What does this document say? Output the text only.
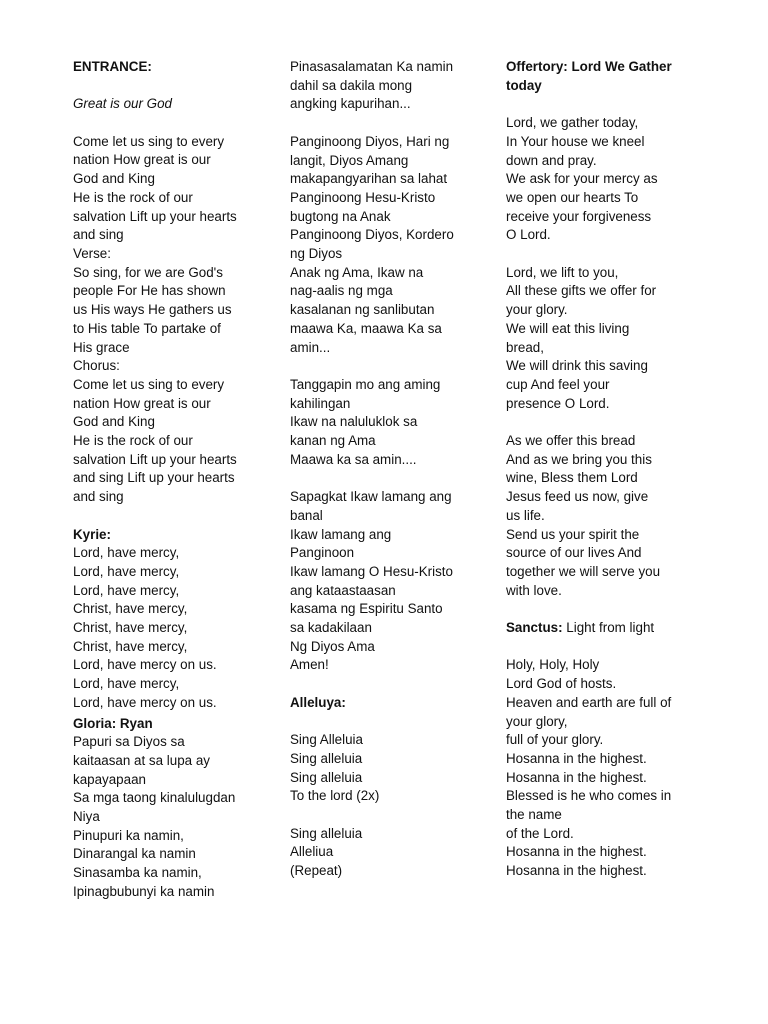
ENTRANCE:
Great is our God
Come let us sing to every
nation How great is our
God and King
He is the rock of our
salvation Lift up your hearts
and sing
Verse:
So sing, for we are God's
people For He has shown
us His ways He gathers us
to His table To partake of
His grace
Chorus:
Come let us sing to every
nation How great is our
God and King
He is the rock of our
salvation Lift up your hearts
and sing Lift up your hearts
and sing
Kyrie:
Lord, have mercy,
Lord, have mercy,
Lord, have mercy,
Christ, have mercy,
Christ, have mercy,
Christ, have mercy,
Lord, have mercy on us.
Lord, have mercy,
Lord, have mercy on us.
Gloria: Ryan
Papuri sa Diyos sa
kaitaasan at sa lupa ay
kapayapaan
Sa mga taong kinalulugdan
Niya
Pinupuri ka namin,
Dinarangal ka namin
Sinasamba ka namin,
Ipinagbubunyi ka namin
Pinasasalamatan Ka namin
dahil sa dakila mong
angking kapurihan...
Panginoong Diyos, Hari ng
langit, Diyos Amang
makapangyarihan sa lahat
Panginoong Hesu-Kristo
bugtong na Anak
Panginoong Diyos, Kordero
ng Diyos
Anak ng Ama, Ikaw na
nag-aalis ng mga
kasalanan ng sanlibutan
maawa Ka, maawa Ka sa
amin...
Tanggapin mo ang aming
kahilingan
Ikaw na naluluklok sa
kanan ng Ama
Maawa ka sa amin....
Sapagkat Ikaw lamang ang
banal
Ikaw lamang ang
Panginoon
Ikaw lamang O Hesu-Kristo
ang kataastaasan
kasama ng Espiritu Santo
sa kadakilaan
Ng Diyos Ama
Amen!
Alleluya:
Sing Alleluia
Sing alleluia
Sing alleluia
To the lord (2x)
Sing alleluia
Alleliua
(Repeat)
Offertory: Lord We Gather
today
Lord, we gather today,
In Your house we kneel
down and pray.
We ask for your mercy as
we open our hearts To
receive your forgiveness
O Lord.
Lord, we lift to you,
All these gifts we offer for
your glory.
We will eat this living
bread,
We will drink this saving
cup And feel your
presence O Lord.
As we offer this bread
And as we bring you this
wine, Bless them Lord
Jesus feed us now, give
us life.
Send us your spirit the
source of our lives And
together we will serve you
with love.
Sanctus: Light from light
Holy, Holy, Holy
Lord God of hosts.
Heaven and earth are full of
your glory,
full of your glory.
Hosanna in the highest.
Hosanna in the highest.
Blessed is he who comes in
the name
of the Lord.
Hosanna in the highest.
Hosanna in the highest.
